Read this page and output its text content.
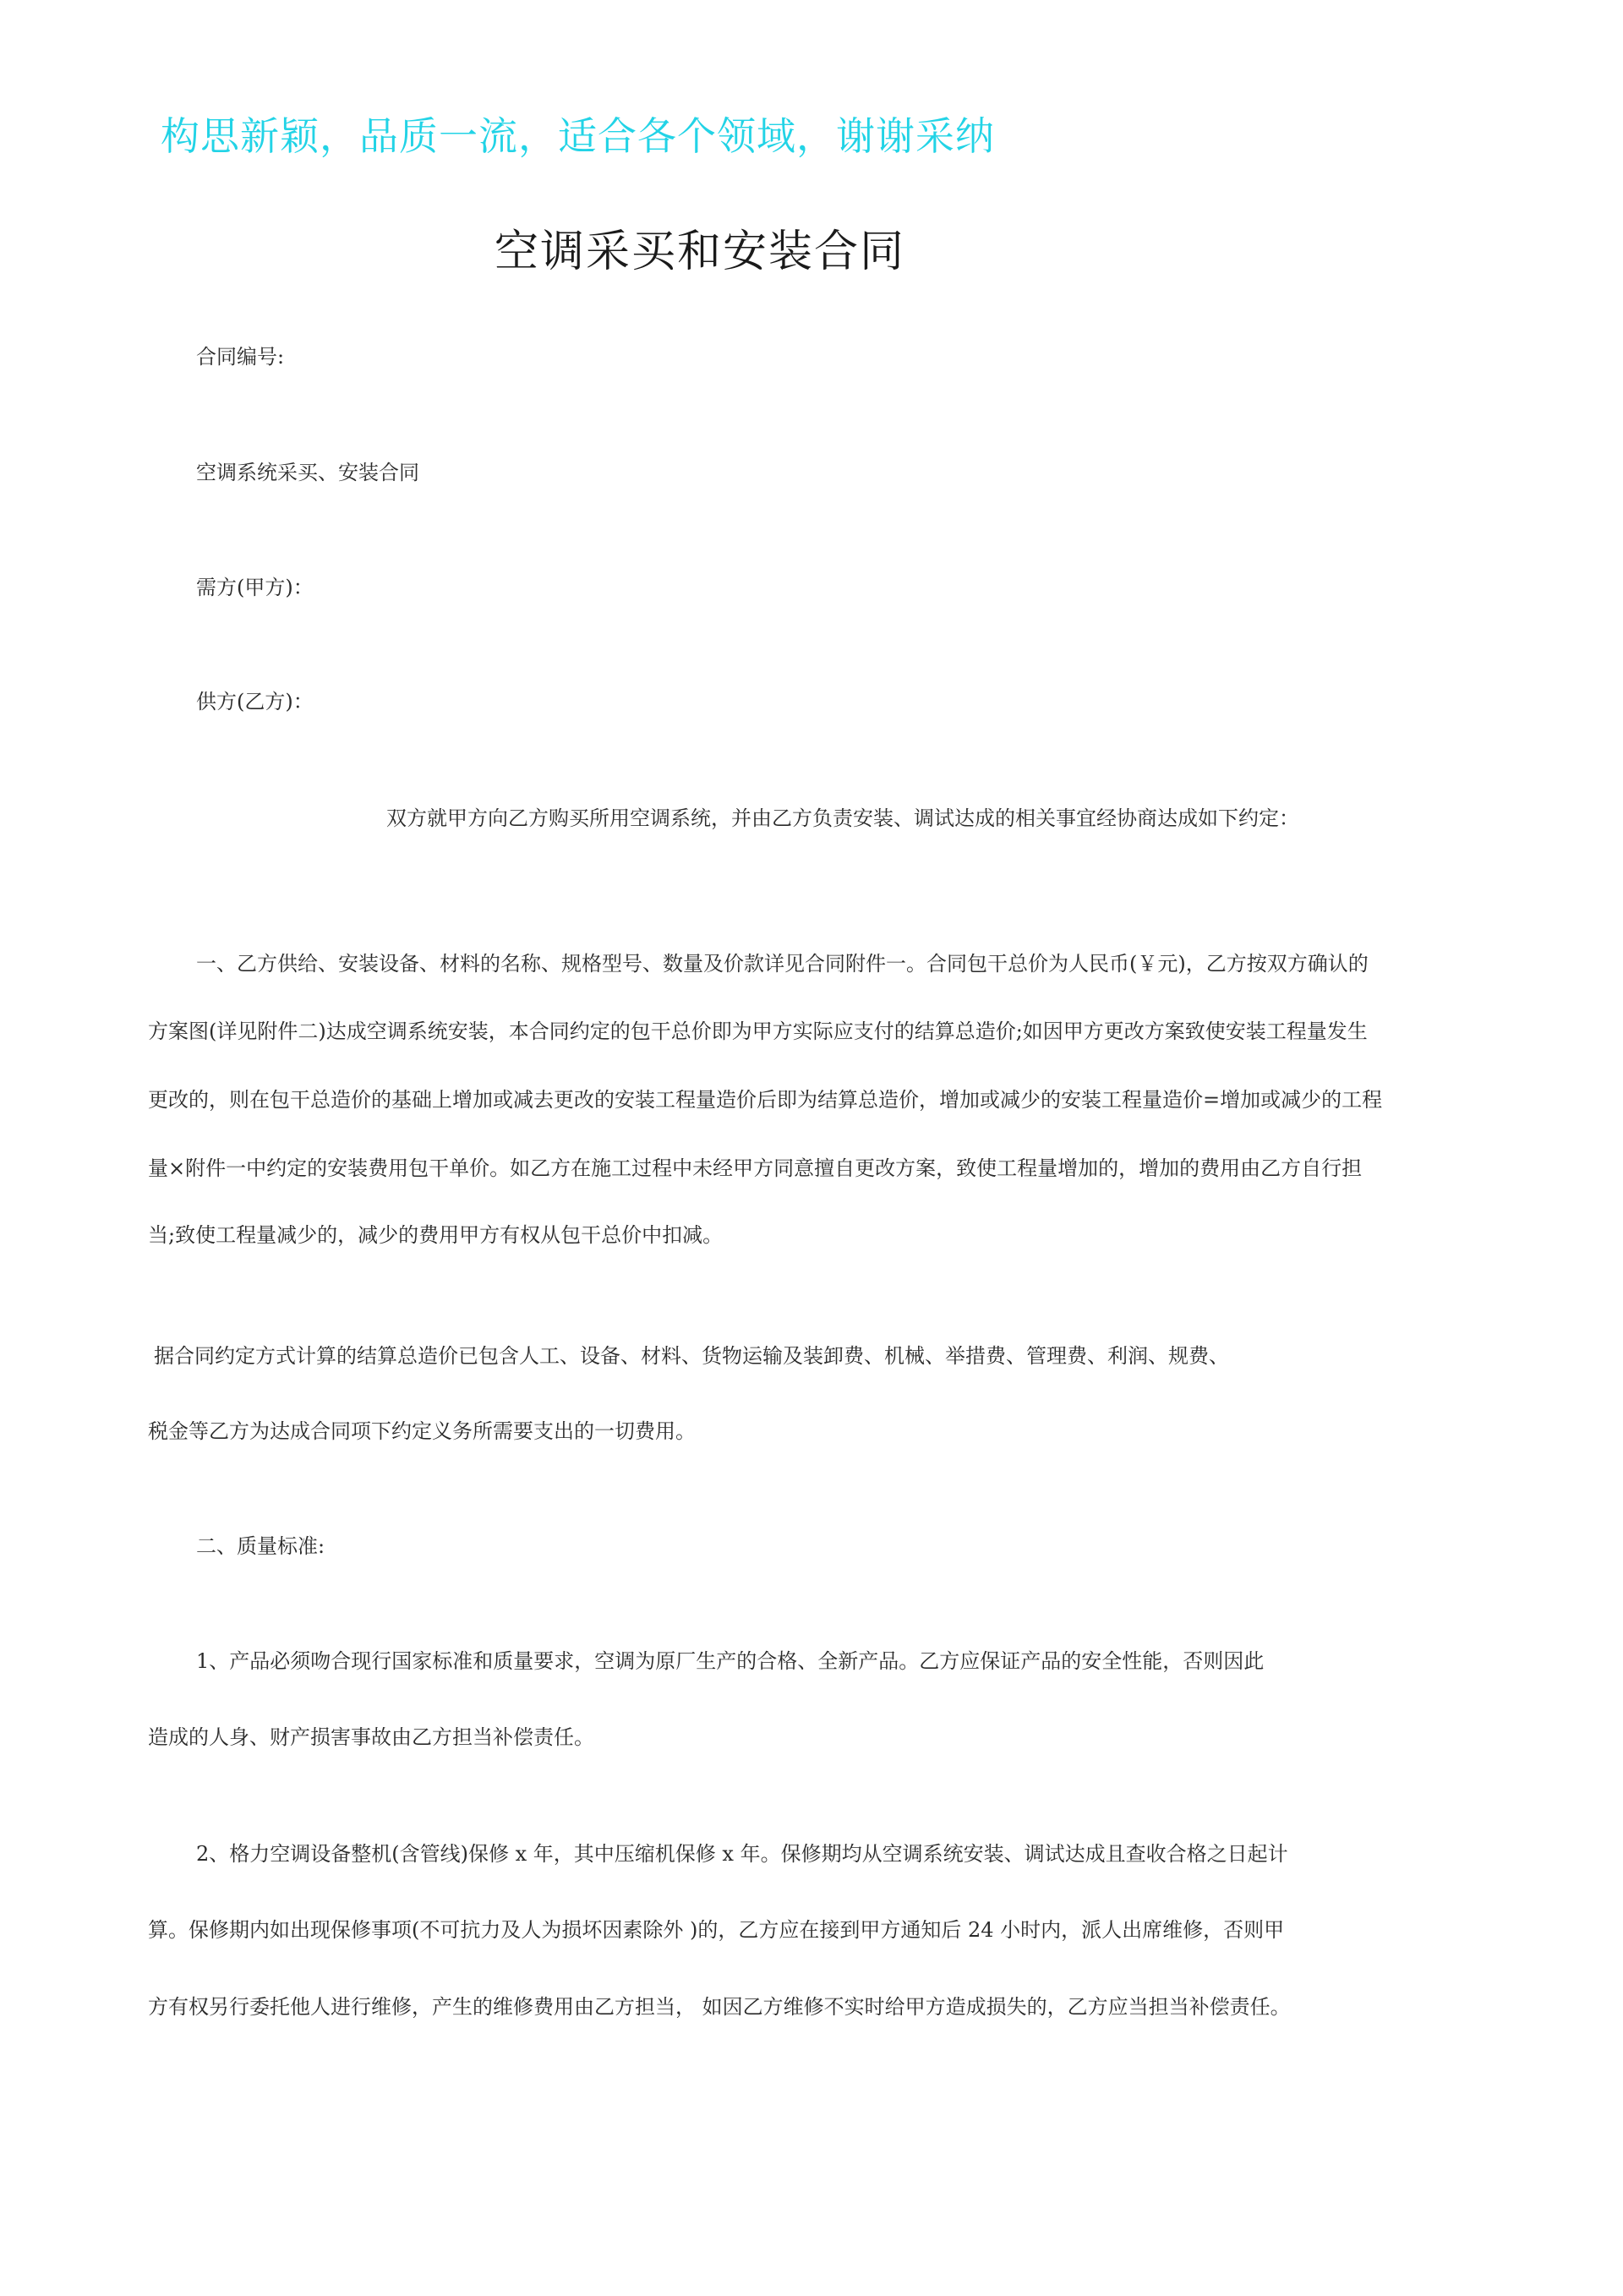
构思新颖，品质一流，适合各个领域，谢谢采纳
空调采买和安装合同
合同编号:
空调系统采买、安装合同
需方(甲方)：
供方(乙方)：
双方就甲方向乙方购买所用空调系统，并由乙方负责安装、调试达成的相关事宜经协商达成如下约定：
一、乙方供给、安装设备、材料的名称、规格型号、数量及价款详见合同附件一。合同包干总价为人民币(￥元)，乙方按双方确认的
方案图(详见附件二)达成空调系统安装，本合同约定的包干总价即为甲方实际应支付的结算总造价;如因甲方更改方案致使安装工程量发生
更改的，则在包干总造价的基础上增加或减去更改的安装工程量造价后即为结算总造价，增加或减少的安装工程量造价=增加或减少的工程
量×附件一中约定的安装费用包干单价。如乙方在施工过程中未经甲方同意擅自更改方案，致使工程量增加的，增加的费用由乙方自行担
当;致使工程量减少的，减少的费用甲方有权从包干总价中扣减。
据合同约定方式计算的结算总造价已包含人工、设备、材料、货物运输及装卸费、机械、举措费、管理费、利润、规费、
税金等乙方为达成合同项下约定义务所需要支出的一切费用。
二、质量标准:
1、产品必须吻合现行国家标准和质量要求，空调为原厂生产的合格、全新产品。乙方应保证产品的安全性能，否则因此
造成的人身、财产损害事故由乙方担当补偿责任。
2、格力空调设备整机(含管线)保修 x 年，其中压缩机保修 x 年。保修期均从空调系统安装、调试达成且查收合格之日起计
算。保修期内如出现保修事项(不可抗力及人为损坏因素除外 )的，乙方应在接到甲方通知后 24 小时内，派人出席维修，否则甲
方有权另行委托他人进行维修，产生的维修费用由乙方担当， 如因乙方维修不实时给甲方造成损失的，乙方应当担当补偿责任。
